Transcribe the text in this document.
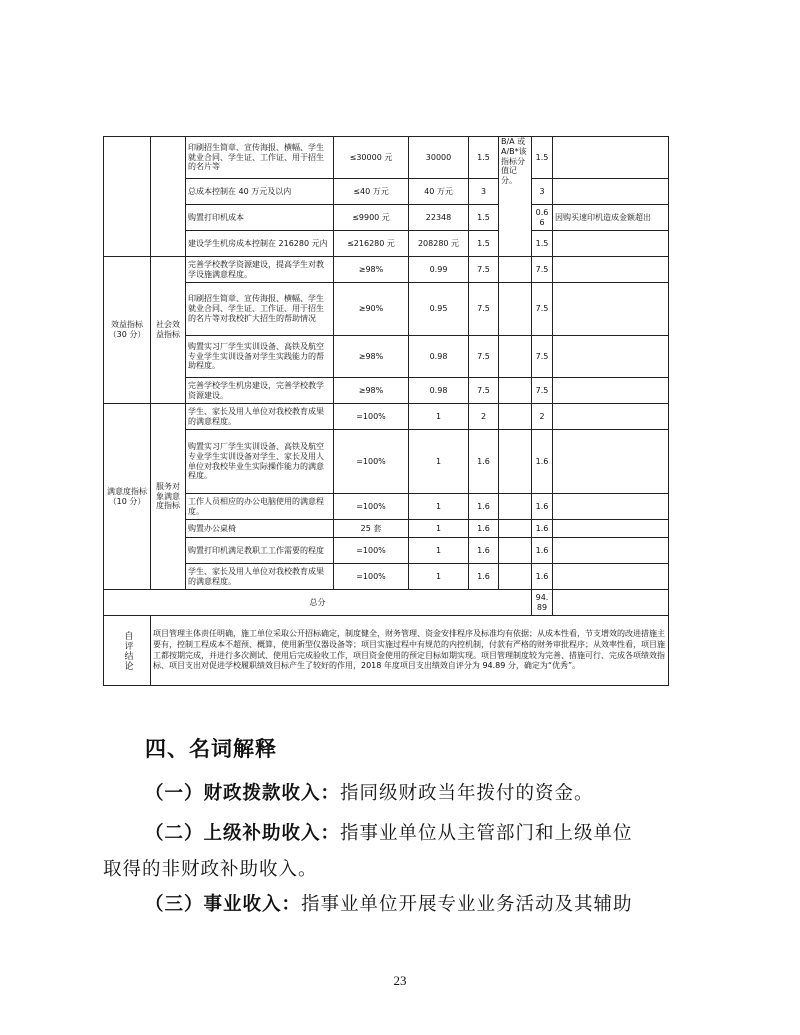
		印刷招生简章、宣传海报、横幅、学生就业合同、学生证、工作证、用于招生的名片等	≤30000 元	30000	1.5	B/A 或 A/B*该指标分值记分。	1.5	
		总成本控制在 40 万元及以内	≤40 万元	40 万元	3		3	
		购置打印机成本	≤9900 元	22348	1.5		0.66	因购买速印机造成金额超出
		建设学生机房成本控制在 216280 元内	≤216280 元	208280 元	1.5		1.5	
效益指标（30 分）	社会效益指标	完善学校教学资源建设，提高学生对教学设施满意程度。	≥98%	0.99	7.5		7.5	
		印刷招生简章、宣传海报、横幅、学生就业合同、学生证、工作证、用于招生的名片等对我校扩大招生的帮助情况	≥90%	0.95	7.5		7.5	
		购置实习厂学生实训设备、高铁及航空专业学生实训设备对学生实践能力的帮助程度。	≥98%	0.98	7.5		7.5	
		完善学校学生机房建设，完善学校教学资源建设。	≥98%	0.98	7.5		7.5	
满意度指标（10 分）	服务对象满意度指标	学生、家长及用人单位对我校教育成果的满意程度。	=100%	1	2		2	
		购置实习厂学生实训设备、高铁及航空专业学生实训设备对学生、家长及用人单位对我校毕业生实际操作能力的满意程度。	=100%	1	1.6		1.6	
		工作人员相应的办公电脑使用的满意程度。	=100%	1	1.6		1.6	
		购置办公桌椅	25 套	1	1.6		1.6	
		购置打印机满足教职工工作需要的程度	=100%	1	1.6		1.6	
		学生、家长及用人单位对我校教育成果的满意程度。	=100%	1	1.6		1.6	
总分							94.89	

自评结论	项目管理主体责任明确，施工单位采取公开招标确定，制度健全，财务管理、资金安排程序及标准均有依据；从成本性看，节支增效的改进措施主要有，控制工程成本不超预、概算，使用新型仪器设备等；项目实施过程中有规范的内控机制，付款有严格的财务审批程序；从效率性看，项目施工都按期完成，并进行多次测试、使用后完成验收工作，项目资金使用的预定目标如期实现。项目管理制度较为完善、措施可行、完成各项绩效指标、项目支出对促进学校履职绩效目标产生了较好的作用，2018 年度项目支出绩效自评分为 94.89 分，确定为“优秀”。							
四、名词解释

（一）财政拨款收入：指同级财政当年拨付的资金。

（二）上级补助收入：指事业单位从主管部门和上级单位

取得的非财政补助收入。

（三）事业收入：指事业单位开展专业业务活动及其辅助

23
